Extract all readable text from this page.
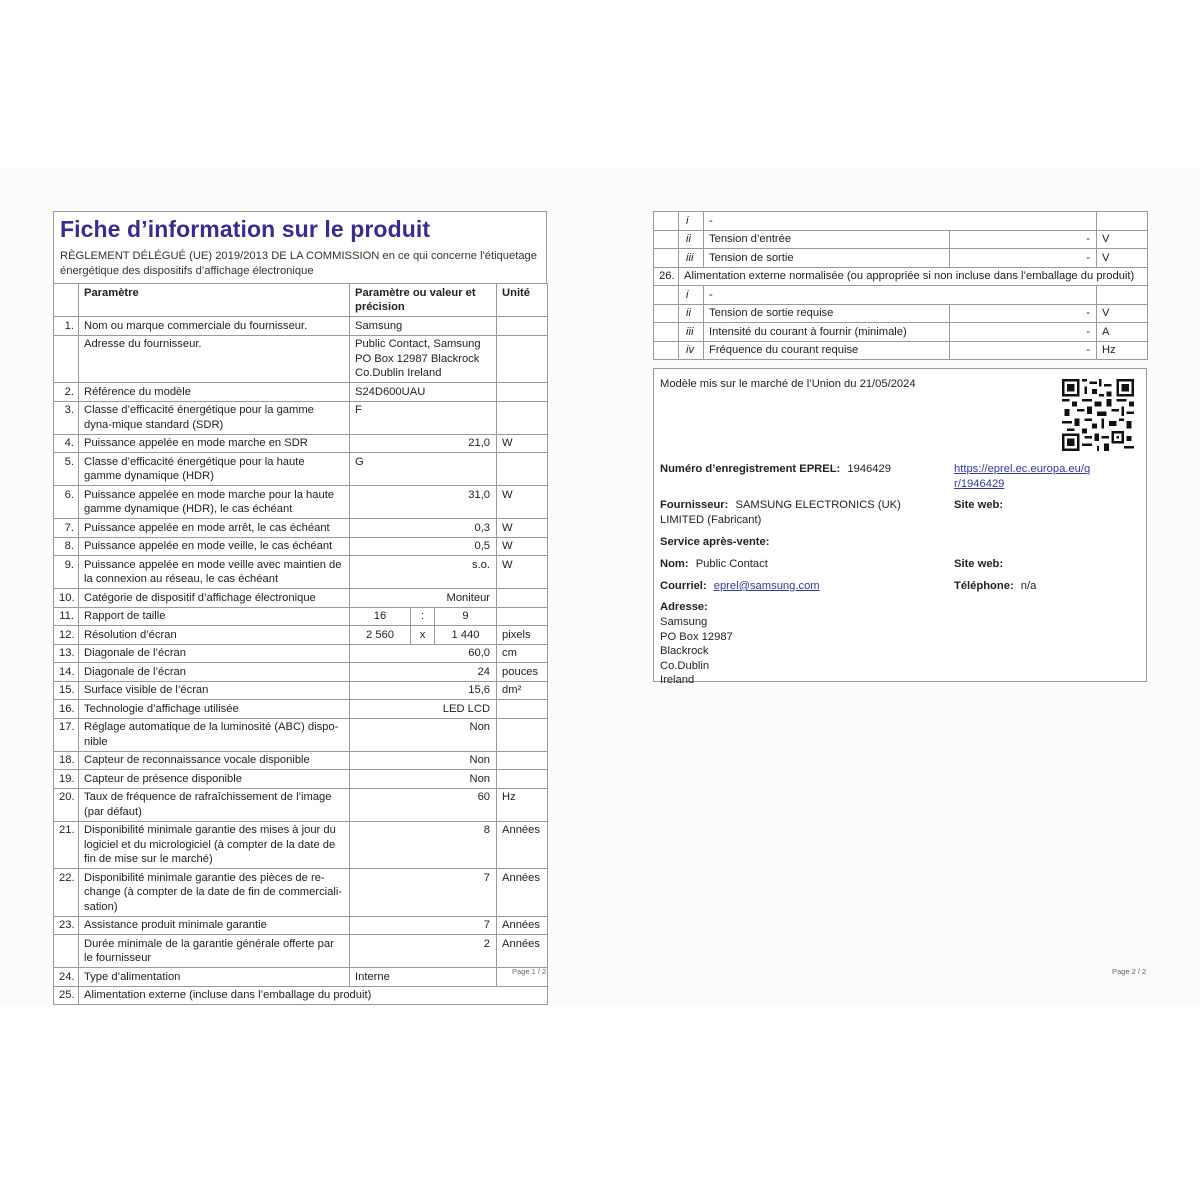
Fiche d’information sur le produit
RÈGLEMENT DÉLÉGUÉ (UE) 2019/2013 DE LA COMMISSION en ce qui concerne l'étiquetage énergétique des dispositifs d’affichage électronique
	Paramètre	Paramètre ou valeur et précision			Unité
1.	Nom ou marque commerciale du fournisseur.	Samsung			
	Adresse du fournisseur.	Public Contact, Samsung PO Box 12987 Blackrock Co.Dublin Ireland			
2.	Référence du modèle	S24D600UAU			
3.	Classe d’efficacité énergétique pour la gamme dyna-mique standard (SDR)	F			
4.	Puissance appelée en mode marche en SDR	21,0			W
5.	Classe d’efficacité énergétique pour la haute gamme dynamique (HDR)	G			
6.	Puissance appelée en mode marche pour la haute gamme dynamique (HDR), le cas échéant	31,0			W
7.	Puissance appelée en mode arrêt, le cas échéant	0,3			W
8.	Puissance appelée en mode veille, le cas échéant	0,5			W
9.	Puissance appelée en mode veille avec maintien de la connexion au réseau, le cas échéant	s.o.			W
10.	Catégorie de dispositif d’affichage électronique	Moniteur			
11.	Rapport de taille	16	:	9	
12.	Résolution d’écran	2 560	x	1 440	pixels
13.	Diagonale de l’écran	60,0			cm
14.	Diagonale de l’écran	24			pouces
15.	Surface visible de l’écran	15,6			dm²
16.	Technologie d’affichage utilisée	LED LCD			
17.	Réglage automatique de la luminosité (ABC) dispo-nible	Non			
18.	Capteur de reconnaissance vocale disponible	Non			
19.	Capteur de présence disponible	Non			
20.	Taux de fréquence de rafraîchissement de l’image (par défaut)	60			Hz
21.	Disponibilité minimale garantie des mises à jour du logiciel et du micrologiciel (à compter de la date de fin de mise sur le marché)	8			Années
22.	Disponibilité minimale garantie des pièces de re-change (à compter de la date de fin de commerciali-sation)	7			Années
23.	Assistance produit minimale garantie	7			Années
	Durée minimale de la garantie générale offerte par le fournisseur	2			Années
24.	Type d’alimentation	Interne			
25.	Alimentation externe (incluse dans l’emballage du produit)				
Page 1 / 2
	i	-		
	ii	Tension d’entrée	-	V
	iii	Tension de sortie	-	V
26.	Alimentation externe normalisée (ou appropriée si non incluse dans l’emballage du produit)			
	i	-		
	ii	Tension de sortie requise	-	V
	iii	Intensité du courant à fournir (minimale)	-	A
	iv	Fréquence du courant requise	-	Hz
Modèle mis sur le marché de l’Union du 21/05/2024
Numéro d’enregistrement EPREL: 1946429	https://eprel.ec.europa.eu/qr/1946429
Fournisseur: SAMSUNG ELECTRONICS (UK) LIMITED (Fabricant)
Site web:
Service après-vente:
Nom: Public Contact	Site web:
Courriel: eprel@samsung.com	Téléphone: n/a
Adresse:
Samsung
PO Box 12987
Blackrock
Co.Dublin
Ireland
Page 2 / 2
